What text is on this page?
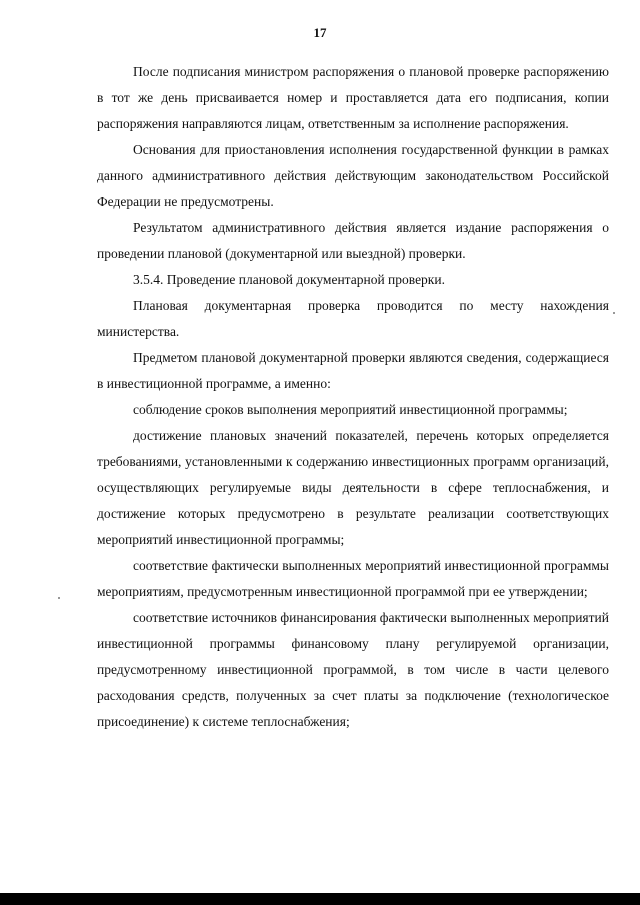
17

После подписания министром распоряжения о плановой проверке распоряжению в тот же день присваивается номер и проставляется дата его подписания, копии распоряжения направляются лицам, ответственным за исполнение распоряжения.

Основания для приостановления исполнения государственной функции в рамках данного административного действия действующим законодательством Российской Федерации не предусмотрены.

Результатом административного действия является издание распоряжения о проведении плановой (документарной или выездной) проверки.

3.5.4. Проведение плановой документарной проверки.

Плановая документарная проверка проводится по месту нахождения министерства.

Предметом плановой документарной проверки являются сведения, содержащиеся в инвестиционной программе, а именно:

соблюдение сроков выполнения мероприятий инвестиционной программы;

достижение плановых значений показателей, перечень которых определяется требованиями, установленными к содержанию инвестиционных программ организаций, осуществляющих регулируемые виды деятельности в сфере теплоснабжения, и достижение которых предусмотрено в результате реализации соответствующих мероприятий инвестиционной программы;

соответствие фактически выполненных мероприятий инвестиционной программы мероприятиям, предусмотренным инвестиционной программой при ее утверждении;

соответствие источников финансирования фактически выполненных мероприятий инвестиционной программы финансовому плану регулируемой организации, предусмотренному инвестиционной программой, в том числе в части целевого расходования средств, полученных за счет платы за подключение (технологическое присоединение) к системе теплоснабжения;
